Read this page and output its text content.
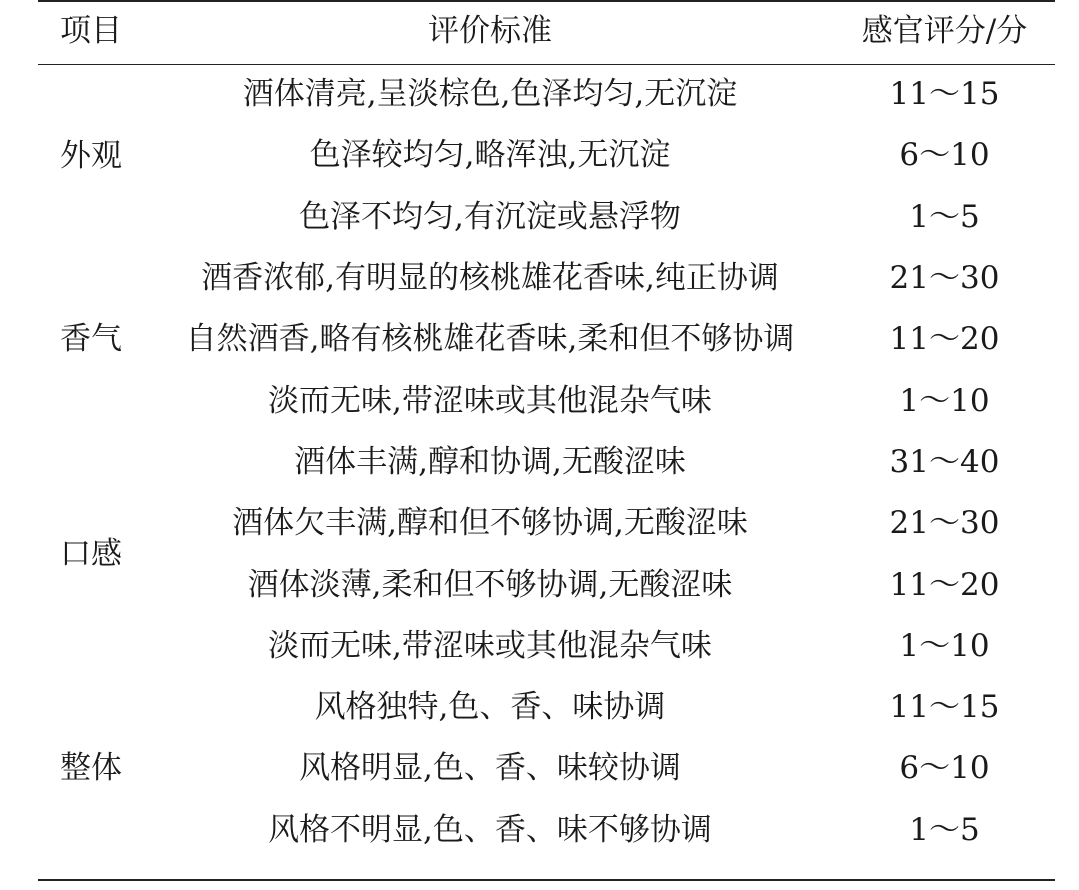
项目	评价标准	感官评分/分
外观	酒体清亮,呈淡棕色,色泽均匀,无沉淀	11～15
	色泽较均匀,略浑浊,无沉淀	6～10
	色泽不均匀,有沉淀或悬浮物	1～5
香气	酒香浓郁,有明显的核桃雄花香味,纯正协调	21～30
	自然酒香,略有核桃雄花香味,柔和但不够协调	11～20
	淡而无味,带涩味或其他混杂气味	1～10
口感	酒体丰满,醇和协调,无酸涩味	31～40
	酒体欠丰满,醇和但不够协调,无酸涩味	21～30
	酒体淡薄,柔和但不够协调,无酸涩味	11～20
	淡而无味,带涩味或其他混杂气味	1～10
整体	风格独特,色、香、味协调	11～15
	风格明显,色、香、味较协调	6～10
	风格不明显,色、香、味不够协调	1～5
